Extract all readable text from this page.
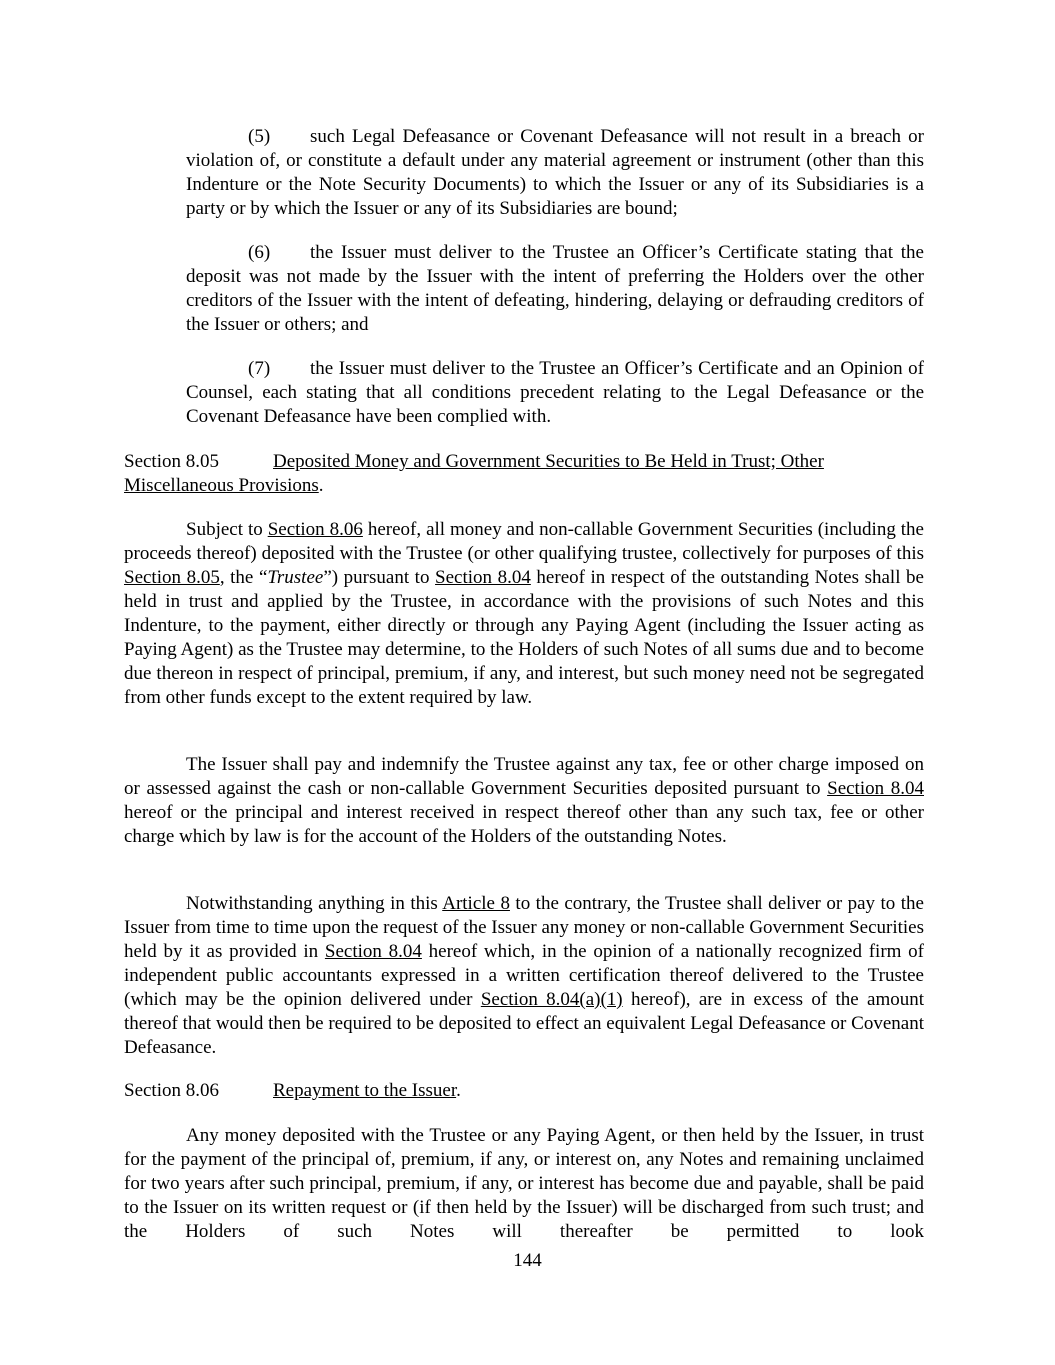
(5) such Legal Defeasance or Covenant Defeasance will not result in a breach or violation of, or constitute a default under any material agreement or instrument (other than this Indenture or the Note Security Documents) to which the Issuer or any of its Subsidiaries is a party or by which the Issuer or any of its Subsidiaries are bound;

(6) the Issuer must deliver to the Trustee an Officer’s Certificate stating that the deposit was not made by the Issuer with the intent of preferring the Holders over the other creditors of the Issuer with the intent of defeating, hindering, delaying or defrauding creditors of the Issuer or others; and

(7) the Issuer must deliver to the Trustee an Officer’s Certificate and an Opinion of Counsel, each stating that all conditions precedent relating to the Legal Defeasance or the Covenant Defeasance have been complied with.

Section 8.05	Deposited Money and Government Securities to Be Held in Trust; Other
Miscellaneous Provisions.

Subject to Section 8.06 hereof, all money and non-callable Government Securities (including the proceeds thereof) deposited with the Trustee (or other qualifying trustee, collectively for purposes of this Section 8.05, the “Trustee”) pursuant to Section 8.04 hereof in respect of the outstanding Notes shall be held in trust and applied by the Trustee, in accordance with the provisions of such Notes and this Indenture, to the payment, either directly or through any Paying Agent (including the Issuer acting as Paying Agent) as the Trustee may determine, to the Holders of such Notes of all sums due and to become due thereon in respect of principal, premium, if any, and interest, but such money need not be segregated from other funds except to the extent required by law.

The Issuer shall pay and indemnify the Trustee against any tax, fee or other charge imposed on or assessed against the cash or non-callable Government Securities deposited pursuant to Section 8.04 hereof or the principal and interest received in respect thereof other than any such tax, fee or other charge which by law is for the account of the Holders of the outstanding Notes.

Notwithstanding anything in this Article 8 to the contrary, the Trustee shall deliver or pay to the Issuer from time to time upon the request of the Issuer any money or non-callable Government Securities held by it as provided in Section 8.04 hereof which, in the opinion of a nationally recognized firm of independent public accountants expressed in a written certification thereof delivered to the Trustee (which may be the opinion delivered under Section 8.04(a)(1) hereof), are in excess of the amount thereof that would then be required to be deposited to effect an equivalent Legal Defeasance or Covenant Defeasance.

Section 8.06	Repayment to the Issuer.

Any money deposited with the Trustee or any Paying Agent, or then held by the Issuer, in trust for the payment of the principal of, premium, if any, or interest on, any Notes and remaining unclaimed for two years after such principal, premium, if any, or interest has become due and payable, shall be paid to the Issuer on its written request or (if then held by the Issuer) will be discharged from such trust; and the Holders of such Notes will thereafter be permitted to look

144
